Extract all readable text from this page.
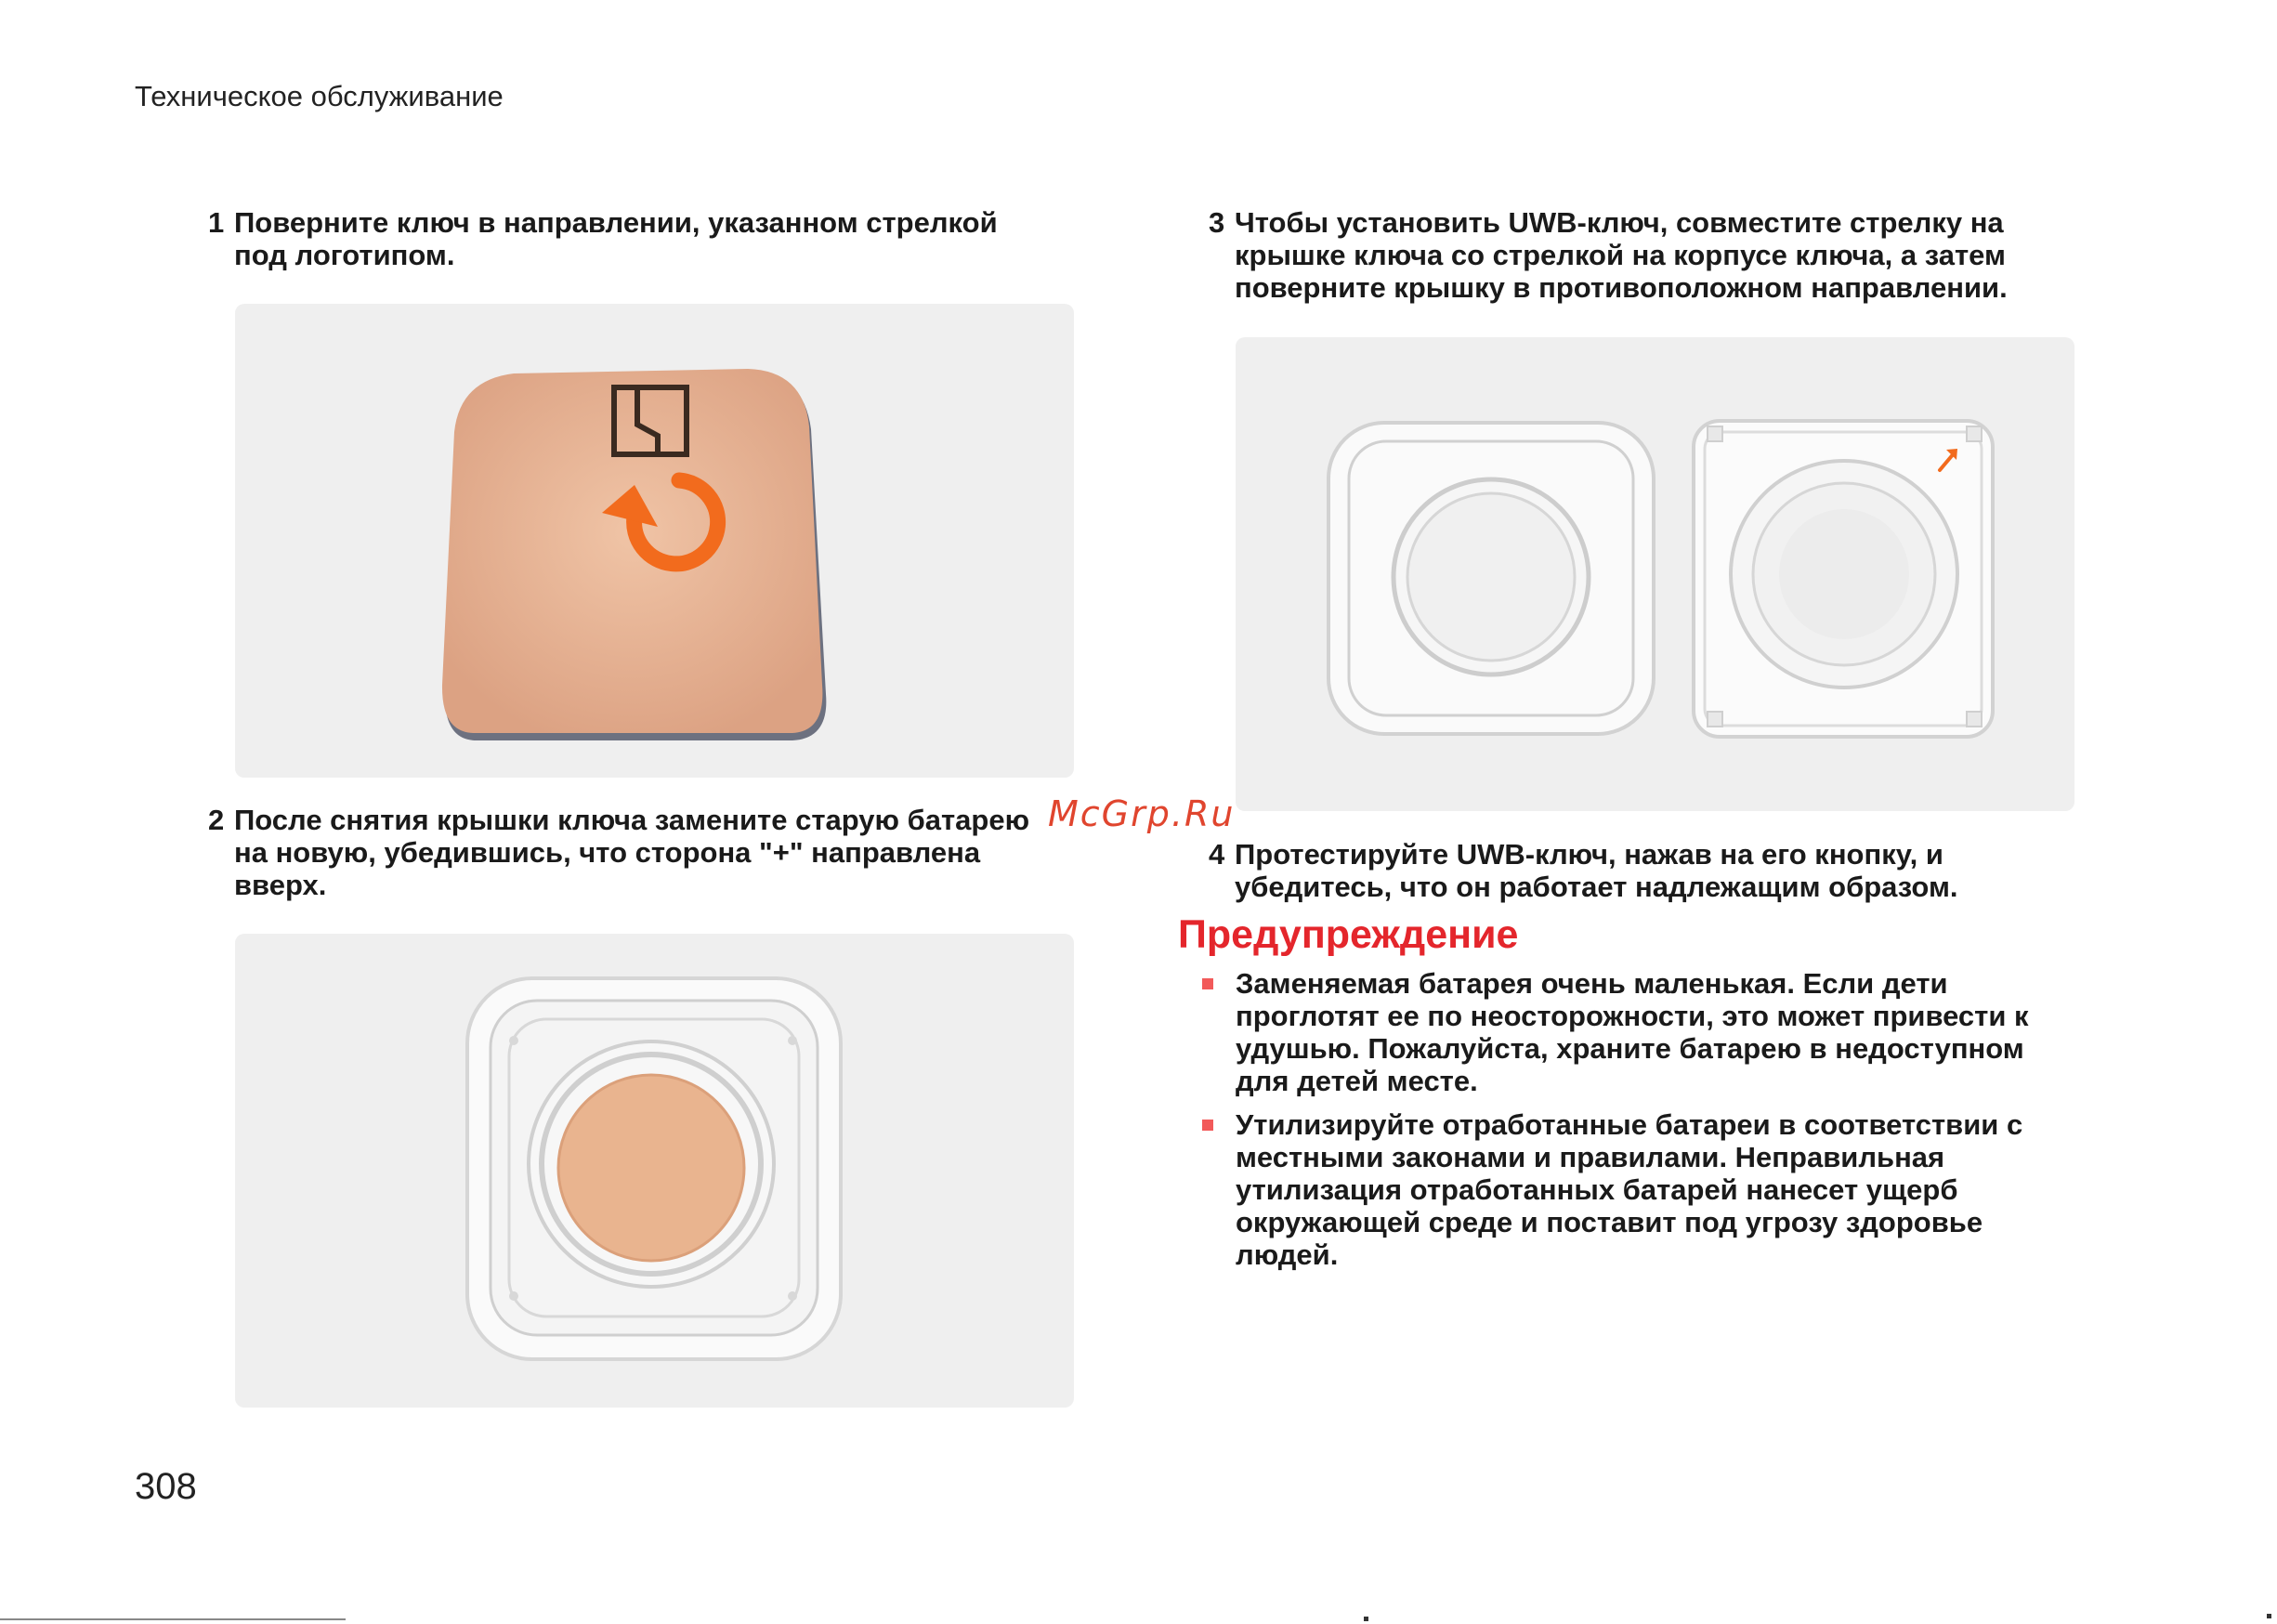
Техническое обслуживание
1 Поверните ключ в направлении, указанном стрелкой под логотипом.
2 После снятия крышки ключа замените старую батарею на новую, убедившись, что сторона "+" направлена вверх.
McGrp.Ru
3 Чтобы установить UWB-ключ, совместите стрелку на крышке ключа со стрелкой на корпусе ключа, а затем поверните крышку в противоположном направлении.
4 Протестируйте UWB-ключ, нажав на его кнопку, и убедитесь, что он работает надлежащим образом.
Предупреждение
Заменяемая батарея очень маленькая. Если дети проглотят ее по неосторожности, это может привести к удушью. Пожалуйста, храните батарею в недоступном для детей месте.
Утилизируйте отработанные батареи в соответствии с местными законами и правилами. Неправильная утилизация отработанных батарей нанесет ущерб окружающей среде и поставит под угрозу здоровье людей.
308
